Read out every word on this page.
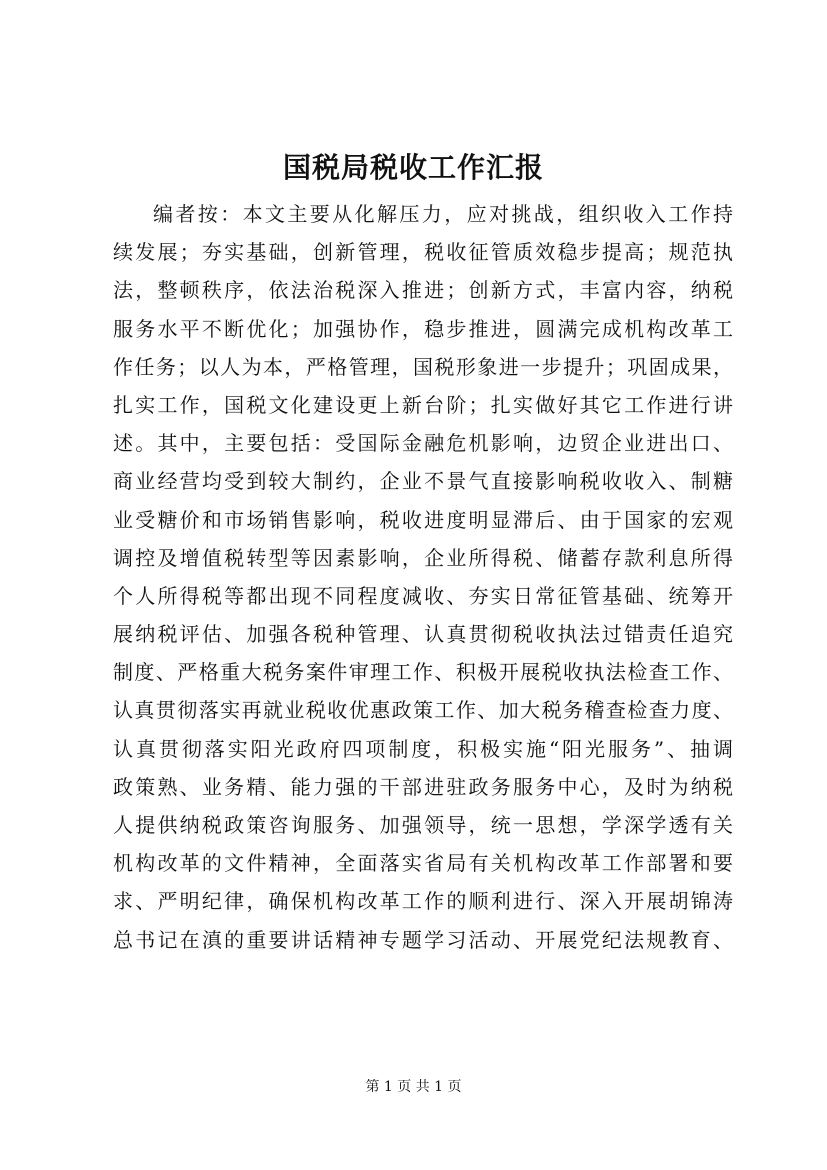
国税局税收工作汇报
编者按：本文主要从化解压力，应对挑战，组织收入工作持
续发展；夯实基础，创新管理，税收征管质效稳步提高；规范执
法，整顿秩序，依法治税深入推进；创新方式，丰富内容，纳税
服务水平不断优化；加强协作，稳步推进，圆满完成机构改革工
作任务；以人为本，严格管理，国税形象进一步提升；巩固成果，
扎实工作，国税文化建设更上新台阶；扎实做好其它工作进行讲
述。其中，主要包括：受国际金融危机影响，边贸企业进出口、
商业经营均受到较大制约，企业不景气直接影响税收收入、制糖
业受糖价和市场销售影响，税收进度明显滞后、由于国家的宏观
调控及增值税转型等因素影响，企业所得税、储蓄存款利息所得
个人所得税等都出现不同程度减收、夯实日常征管基础、统筹开
展纳税评估、加强各税种管理、认真贯彻税收执法过错责任追究
制度、严格重大税务案件审理工作、积极开展税收执法检查工作、
认真贯彻落实再就业税收优惠政策工作、加大税务稽查检查力度、
认真贯彻落实阳光政府四项制度，积极实施“阳光服务”、抽调
政策熟、业务精、能力强的干部进驻政务服务中心，及时为纳税
人提供纳税政策咨询服务、加强领导，统一思想，学深学透有关
机构改革的文件精神，全面落实省局有关机构改革工作部署和要
求、严明纪律，确保机构改革工作的顺利进行、深入开展胡锦涛
总书记在滇的重要讲话精神专题学习活动、开展党纪法规教育、
第 1 页 共 1 页
